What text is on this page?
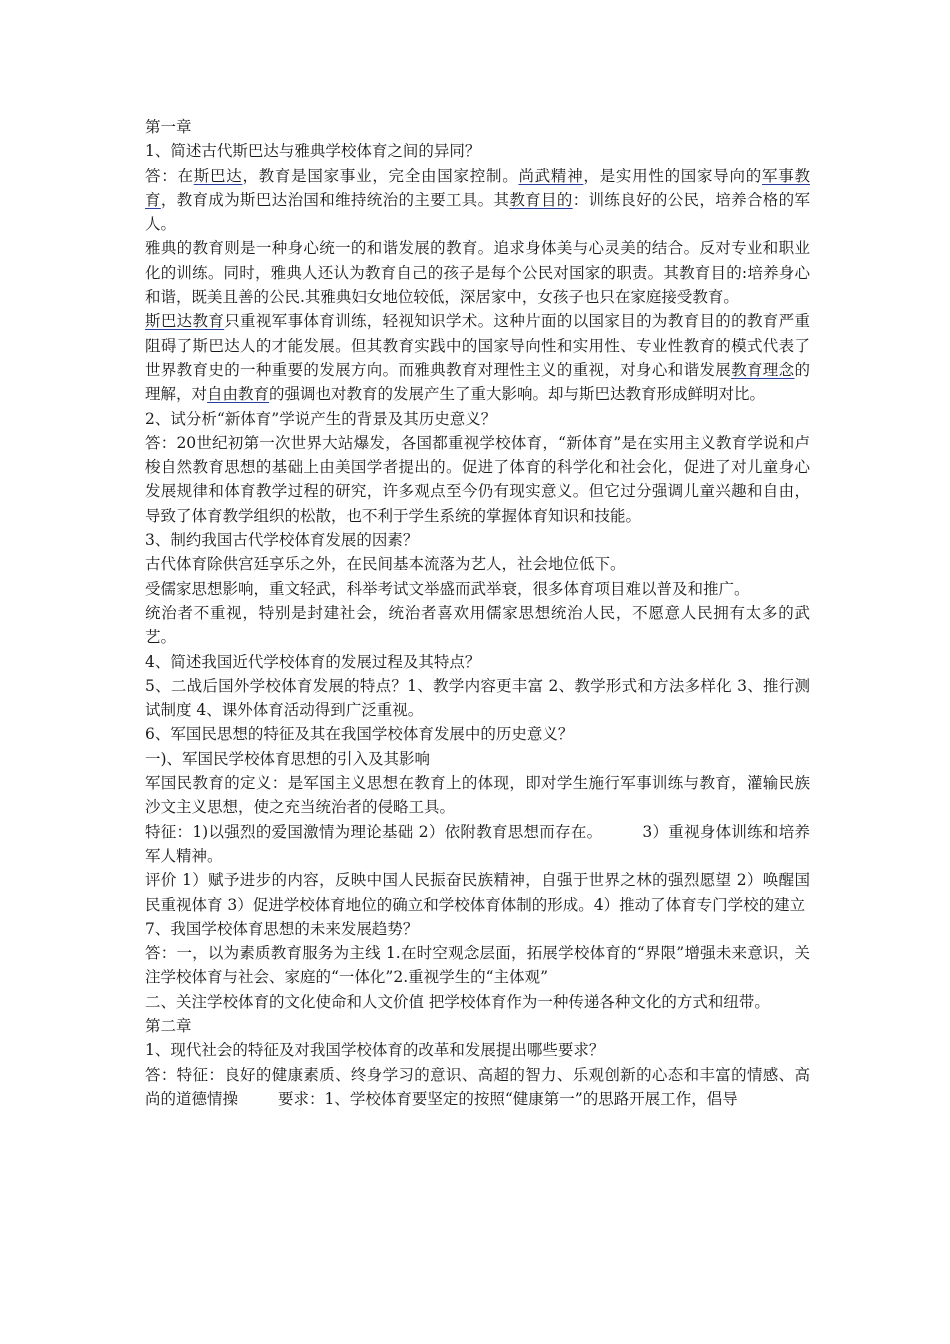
第一章

1、简述古代斯巴达与雅典学校体育之间的异同？

答：在斯巴达，教育是国家事业，完全由国家控制。尚武精神，是实用性的国家导向的军事教育，教育成为斯巴达治国和维持统治的主要工具。其教育目的：训练良好的公民，培养合格的军人。

雅典的教育则是一种身心统一的和谐发展的教育。追求身体美与心灵美的结合。反对专业和职业化的训练。同时，雅典人还认为教育自己的孩子是每个公民对国家的职责。其教育目的:培养身心和谐，既美且善的公民.其雅典妇女地位较低，深居家中，女孩子也只在家庭接受教育。

斯巴达教育只重视军事体育训练，轻视知识学术。这种片面的以国家目的为教育目的的教育严重阻碍了斯巴达人的才能发展。但其教育实践中的国家导向性和实用性、专业性教育的模式代表了世界教育史的一种重要的发展方向。而雅典教育对理性主义的重视，对身心和谐发展教育理念的理解，对自由教育的强调也对教育的发展产生了重大影响。却与斯巴达教育形成鲜明对比。

2、试分析“新体育”学说产生的背景及其历史意义？

答：20世纪初第一次世界大站爆发，各国都重视学校体育，“新体育”是在实用主义教育学说和卢梭自然教育思想的基础上由美国学者提出的。促进了体育的科学化和社会化，促进了对儿童身心发展规律和体育教学过程的研究，许多观点至今仍有现实意义。但它过分强调儿童兴趣和自由，导致了体育教学组织的松散，也不利于学生系统的掌握体育知识和技能。

3、制约我国古代学校体育发展的因素？

古代体育除供宫廷享乐之外，在民间基本流落为艺人，社会地位低下。

受儒家思想影响，重文轻武，科举考试文举盛而武举衰，很多体育项目难以普及和推广。

统治者不重视，特别是封建社会，统治者喜欢用儒家思想统治人民，不愿意人民拥有太多的武艺。

4、简述我国近代学校体育的发展过程及其特点？

5、二战后国外学校体育发展的特点？1、教学内容更丰富 2、教学形式和方法多样化 3、推行测试制度 4、课外体育活动得到广泛重视。

6、军国民思想的特征及其在我国学校体育发展中的历史意义？

一)、军国民学校体育思想的引入及其影响

军国民教育的定义：是军国主义思想在教育上的体现，即对学生施行军事训练与教育，灌输民族沙文主义思想，使之充当统治者的侵略工具。

特征：1)以强烈的爱国激情为理论基础 2）依附教育思想而存在。	3）重视身体训练和培养军人精神。

评价 1）赋予进步的内容，反映中国人民振奋民族精神，自强于世界之林的强烈愿望 2）唤醒国民重视体育 3）促进学校体育地位的确立和学校体育体制的形成。4）推动了体育专门学校的建立

7、我国学校体育思想的未来发展趋势？

答：一，以为素质教育服务为主线 1.在时空观念层面，拓展学校体育的“界限”增强未来意识，关注学校体育与社会、家庭的“一体化”2.重视学生的“主体观”

二、关注学校体育的文化使命和人文价值 把学校体育作为一种传递各种文化的方式和纽带。

第二章

1、现代社会的特征及对我国学校体育的改革和发展提出哪些要求？

答：特征：良好的健康素质、终身学习的意识、高超的智力、乐观创新的心态和丰富的情感、高尚的道德情操	要求：1、学校体育要坚定的按照“健康第一”的思路开展工作，倡导
